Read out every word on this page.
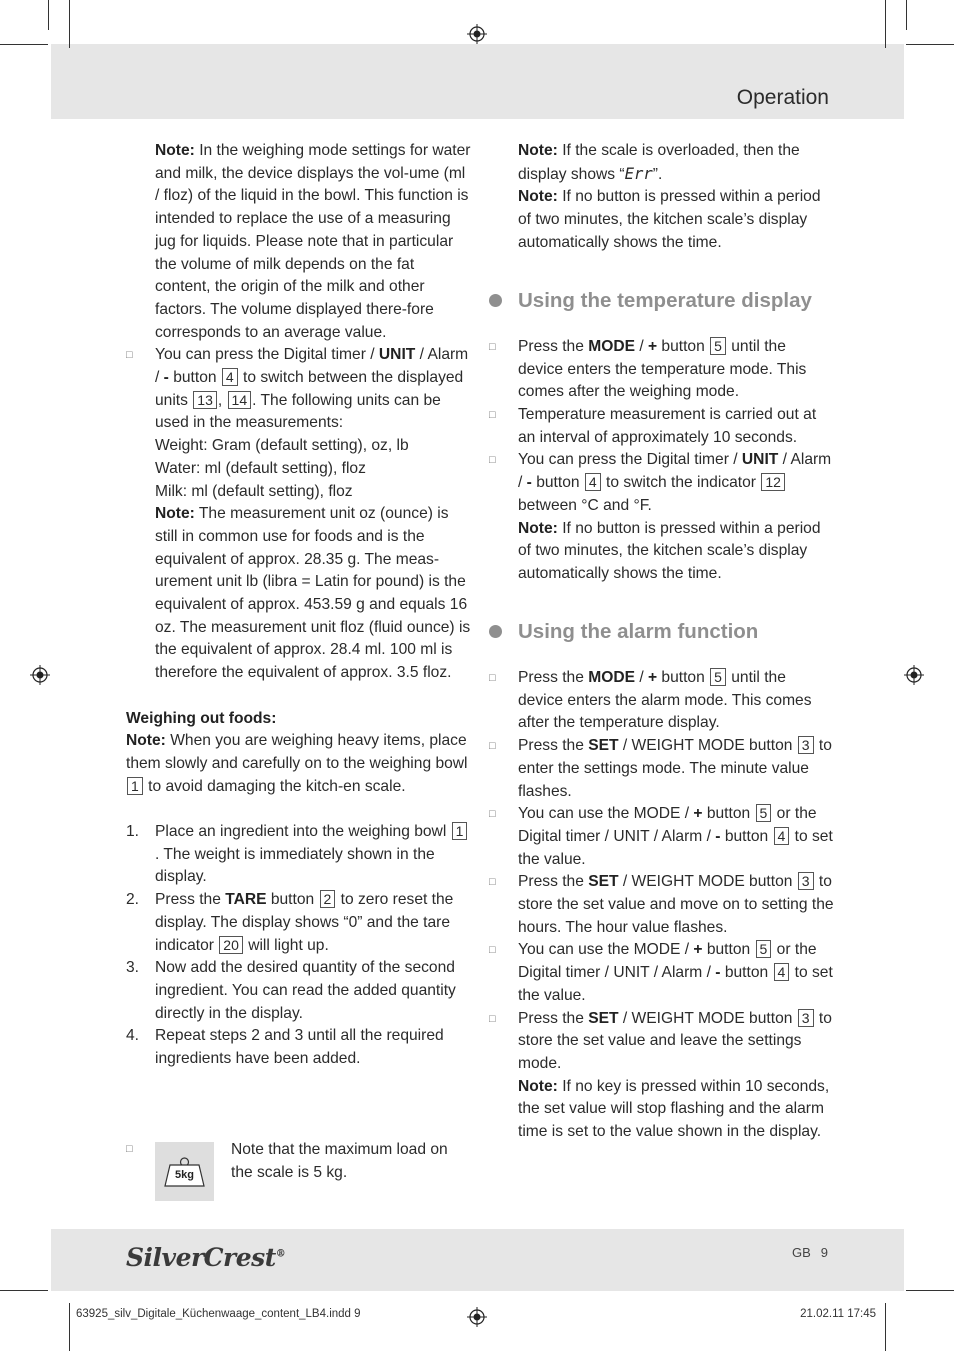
Operation

Note: In the weighing mode settings for water and milk, the device displays the vol-ume (ml / floz) of the liquid in the bowl. This function is intended to replace the use of a measuring jug for liquids. Please note that in particular the volume of milk depends on the fat content, the origin of the milk and other factors. The volume displayed there-fore corresponds to an average value.

□ You can press the Digital timer / UNIT / Alarm / - button 4 to switch between the displayed units 13 , 14 . The following units can be used in the measurements:

Weight: Gram (default setting), oz, lb

Water: ml (default setting), floz

Milk: ml (default setting), floz

Note: The measurement unit oz (ounce) is still in common use for foods and is the equivalent of approx. 28.35 g. The meas-urement unit lb (libra = Latin for pound) is the equivalent of approx. 453.59 g and equals 16 oz. The measurement unit floz (fluid ounce) is the equivalent of approx. 28.4 ml. 100 ml is therefore the equivalent of approx. 3.5 floz.

Weighing out foods:

Note: When you are weighing heavy items, place them slowly and carefully on to the weighing bowl 1 to avoid damaging the kitch-en scale.

1. Place an ingredient into the weighing bowl 1. The weight is immediately shown in the display.

2. Press the TARE button 2 to zero reset the display. The display shows “0” and the tare indicator 20 will light up.

3. Now add the desired quantity of the second ingredient. You can read the added quantity directly in the display.

4. Repeat steps 2 and 3 until all the required ingredients have been added.

□
5kg

Note that the maximum load on the scale is 5 kg.

Note: If the scale is overloaded, then the display shows “Err”.

Note: If no button is pressed within a period of two minutes, the kitchen scale’s display automatically shows the time.

Using the temperature display

□ Press the MODE / + button 5 until the device enters the temperature mode. This comes after the weighing mode.

□ Temperature measurement is carried out at an interval of approximately 10 seconds.

□ You can press the Digital timer / UNIT / Alarm / - button 4 to switch the indicator 12 between °C and °F.

Note: If no button is pressed within a period of two minutes, the kitchen scale’s display automatically shows the time.

Using the alarm function

□ Press the MODE / + button 5 until the device enters the alarm mode. This comes after the temperature display.

□ Press the SET / WEIGHT MODE button 3 to enter the settings mode. The minute value flashes.

□ You can use the MODE / + button 5 or the Digital timer / UNIT / Alarm / - button 4 to set the value.

□ Press the SET / WEIGHT MODE button 3 to store the set value and move on to setting the hours. The hour value flashes.

□ You can use the MODE / + button 5 or the Digital timer / UNIT / Alarm / - button 4 to set the value.

□ Press the SET / WEIGHT MODE button 3 to store the set value and leave the settings mode.

Note: If no key is pressed within 10 seconds, the set value will stop flashing and the alarm time is set to the value shown in the display.

SilverCrest®	GB 9
63925_silv_Digitale_Küchenwaage_content_LB4.indd 9	21.02.11 17:45
